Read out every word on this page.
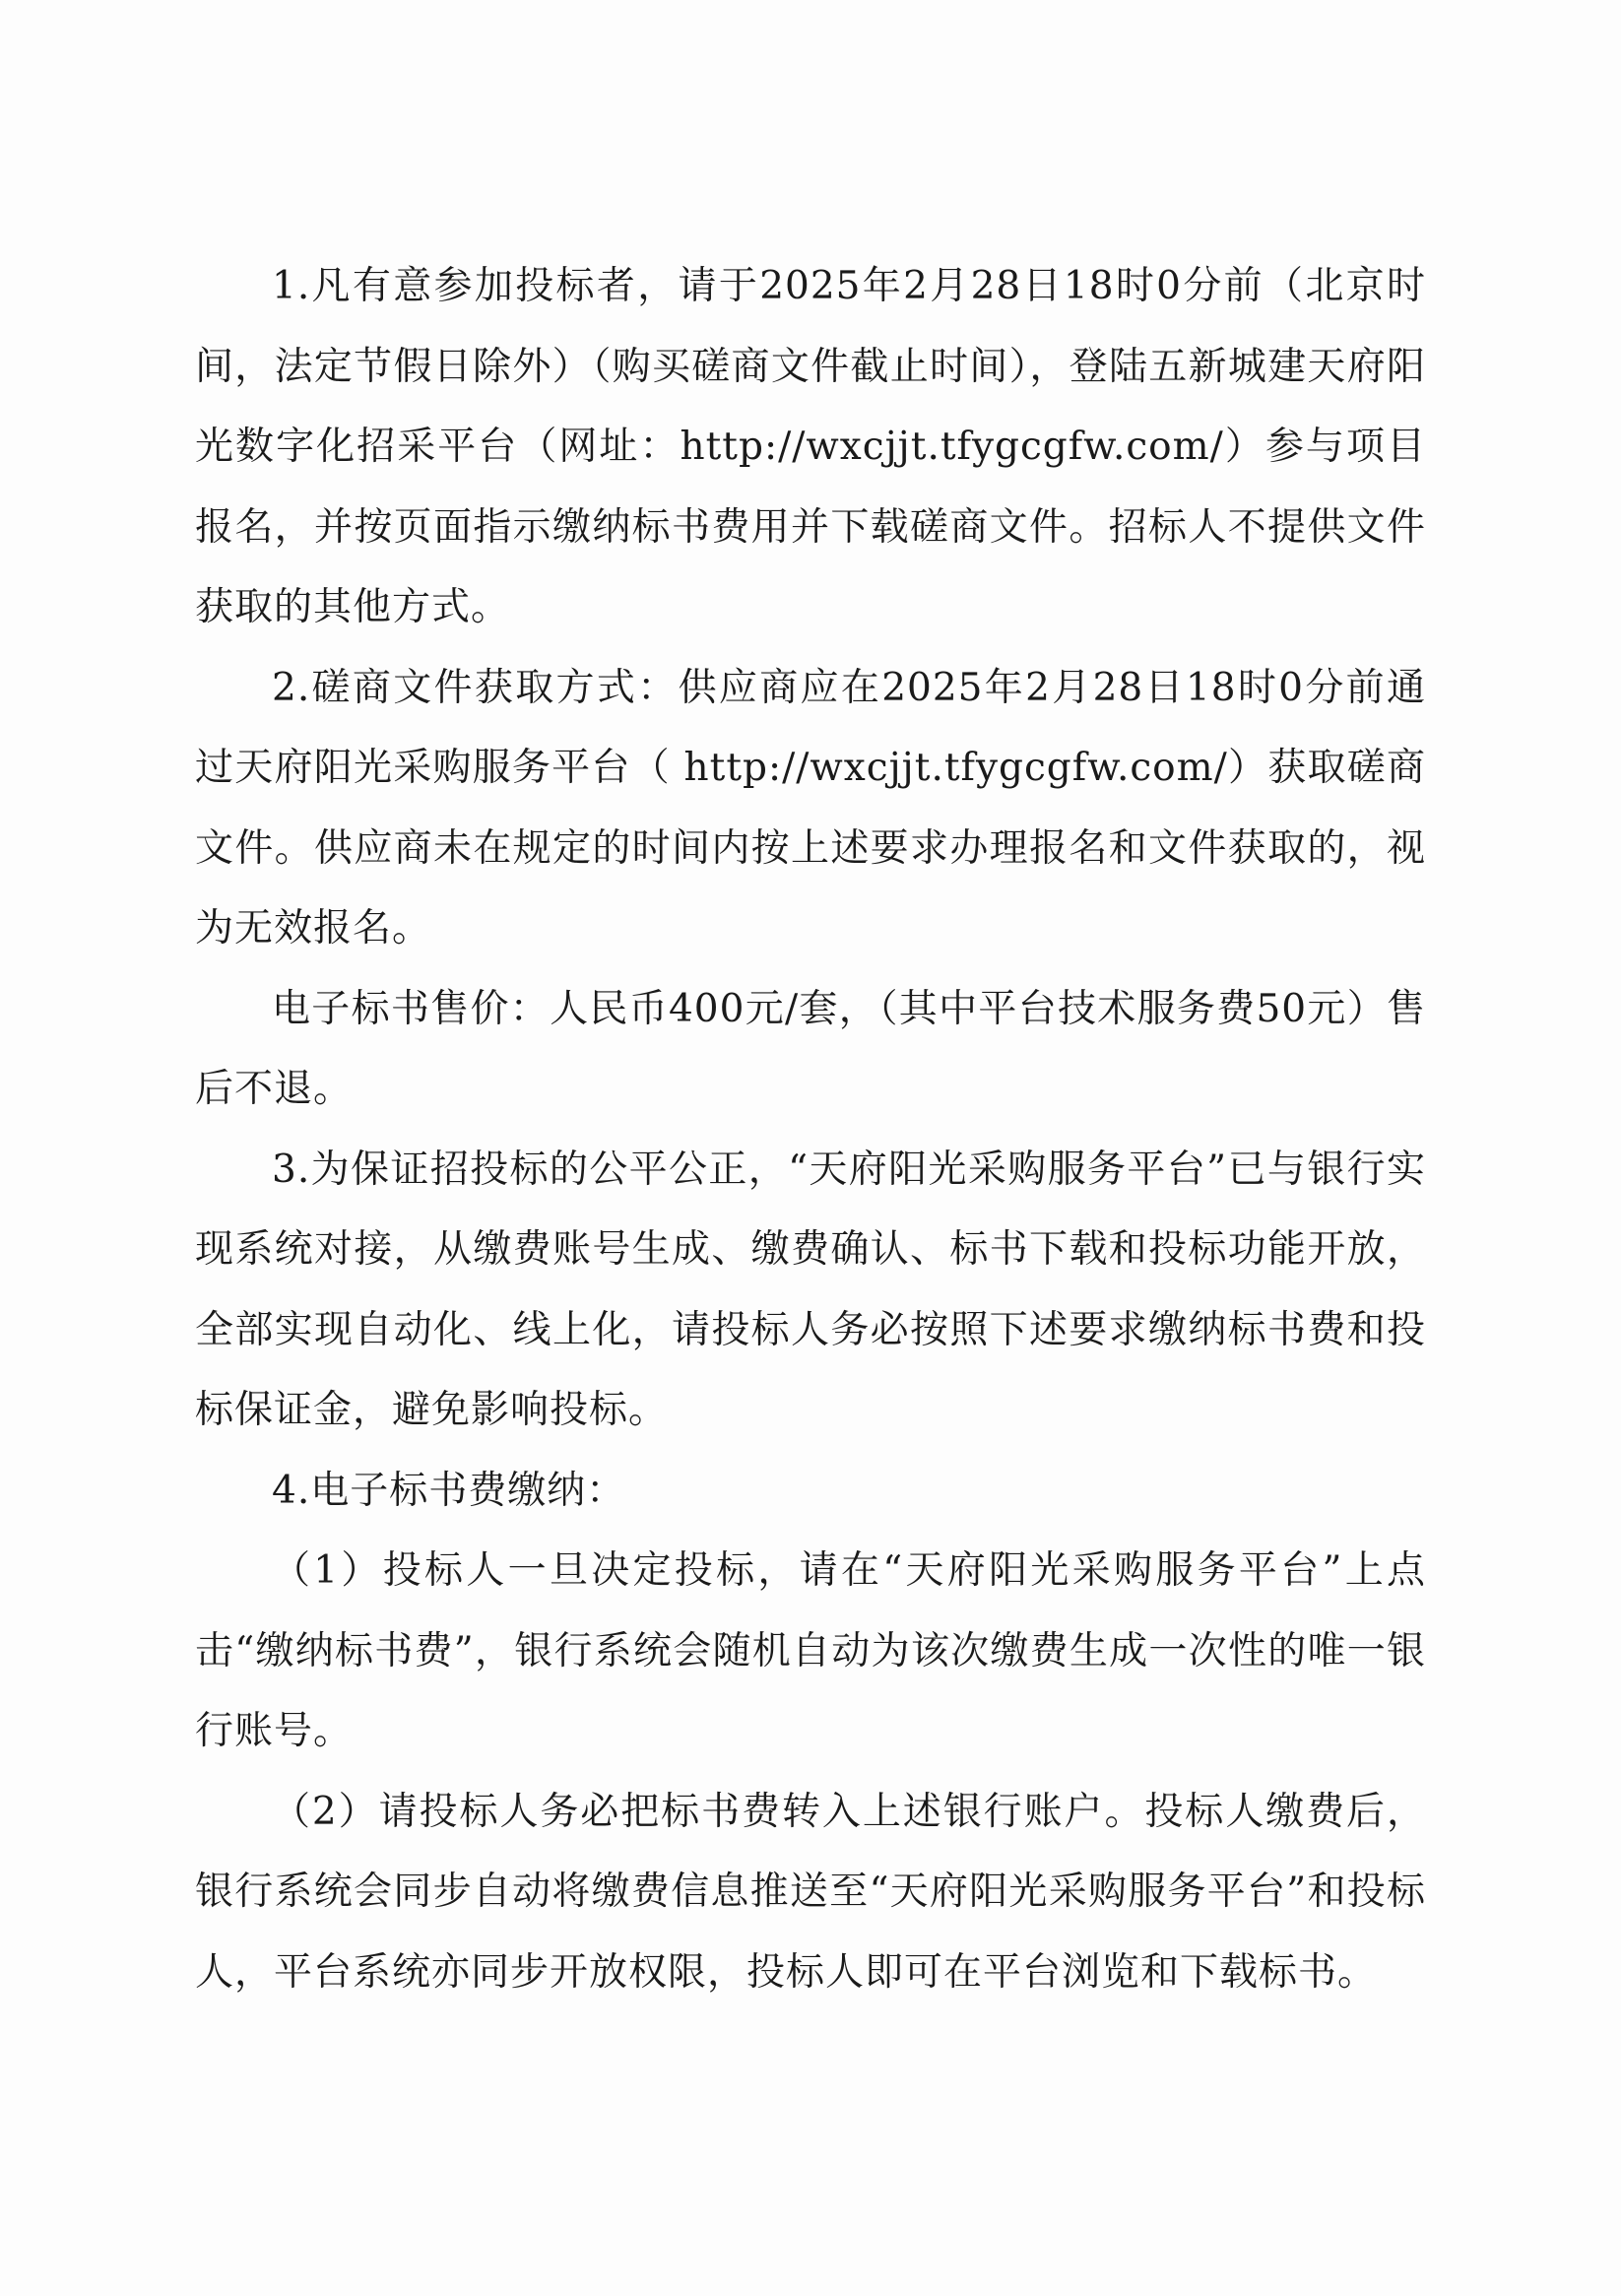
1.凡有意参加投标者，请于2025年2月28日18时0分前（北京时间，法定节假日除外）（购买磋商文件截止时间），登陆五新城建天府阳光数字化招采平台（网址：http://wxcjjt.tfygcgfw.com/）参与项目报名，并按页面指示缴纳标书费用并下载磋商文件。招标人不提供文件获取的其他方式。

2.磋商文件获取方式：供应商应在2025年2月28日18时0分前通过天府阳光采购服务平台（ http://wxcjjt.tfygcgfw.com/）获取磋商文件。供应商未在规定的时间内按上述要求办理报名和文件获取的，视为无效报名。

电子标书售价：人民币400元/套，（其中平台技术服务费50元）售后不退。

3.为保证招投标的公平公正，“天府阳光采购服务平台”已与银行实现系统对接，从缴费账号生成、缴费确认、标书下载和投标功能开放，全部实现自动化、线上化，请投标人务必按照下述要求缴纳标书费和投标保证金，避免影响投标。

4.电子标书费缴纳：

（1）投标人一旦决定投标，请在“天府阳光采购服务平台”上点击“缴纳标书费”，银行系统会随机自动为该次缴费生成一次性的唯一银行账号。

（2）请投标人务必把标书费转入上述银行账户。投标人缴费后，银行系统会同步自动将缴费信息推送至“天府阳光采购服务平台”和投标人，平台系统亦同步开放权限，投标人即可在平台浏览和下载标书。
